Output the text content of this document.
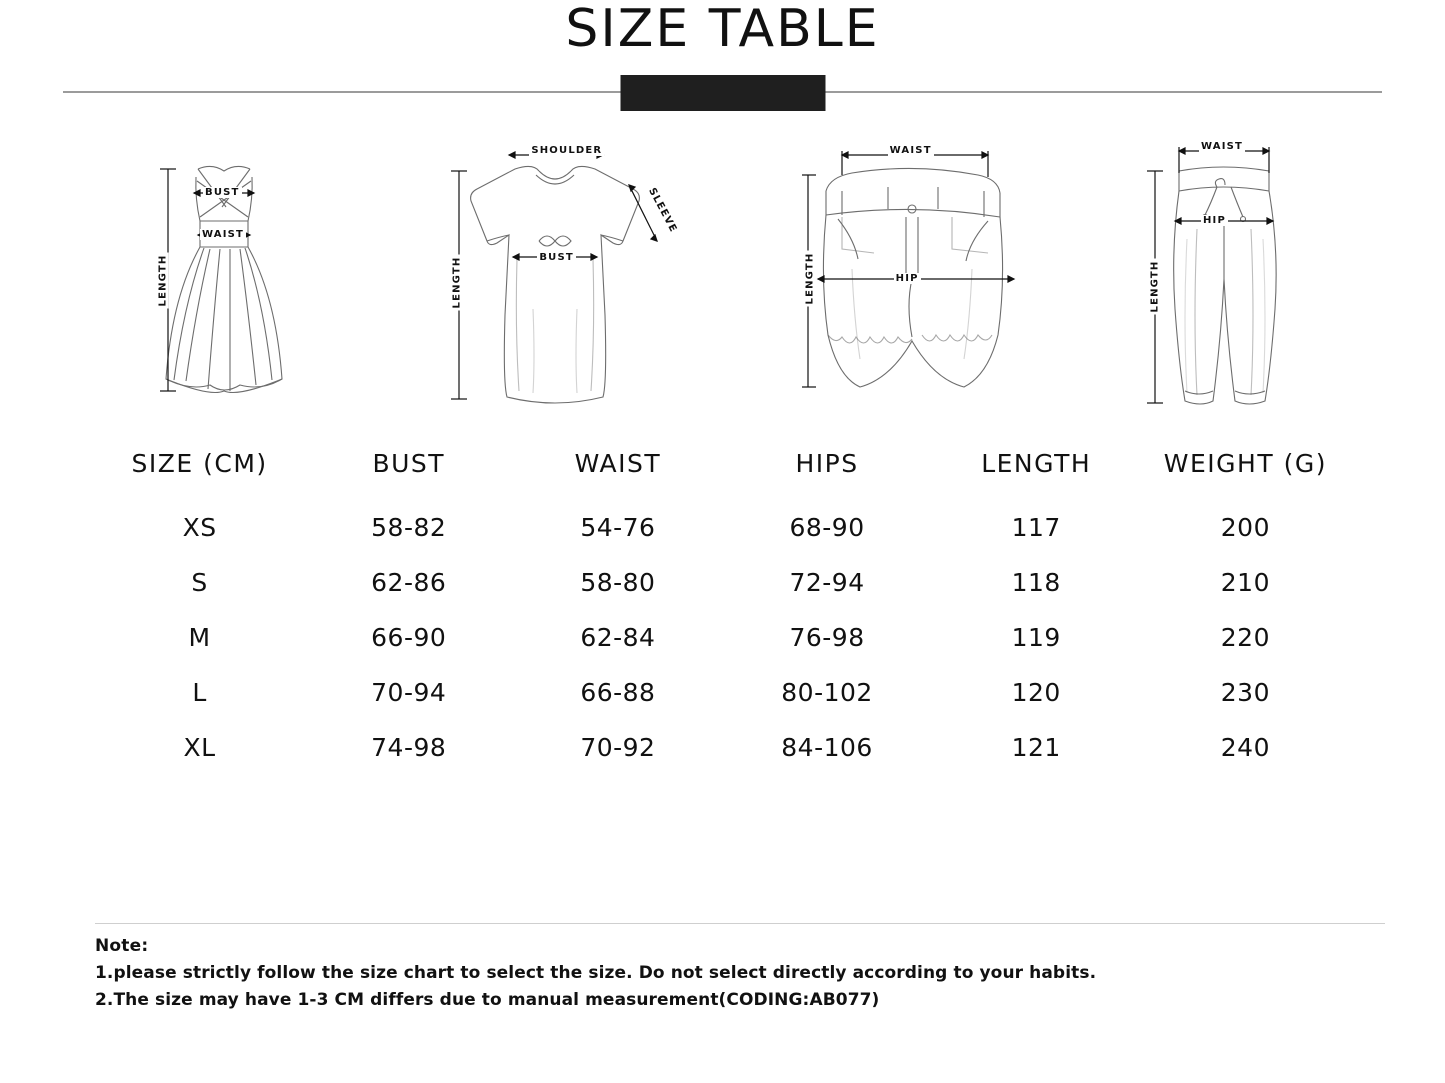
SIZE TABLE
LENGTH
BUST
WAIST
SHOULDER
SLEEVE
LENGTH	BUST
WAIST
HIP
LENGTH
WAIST
HIP
LENGTH
SIZE (CM)	BUST	WAIST	HIPS	LENGTH	WEIGHT (G)
XS	58-82	54-76	68-90	117	200
S	62-86	58-80	72-94	118	210
M	66-90	62-84	76-98	119	220
L	70-94	66-88	80-102	120	230
XL	74-98	70-92	84-106	121	240
Note:
1.please strictly follow the size chart to select the size. Do not select directly according to your habits.
2.The size may have 1-3 CM differs due to manual measurement(CODING:AB077)
